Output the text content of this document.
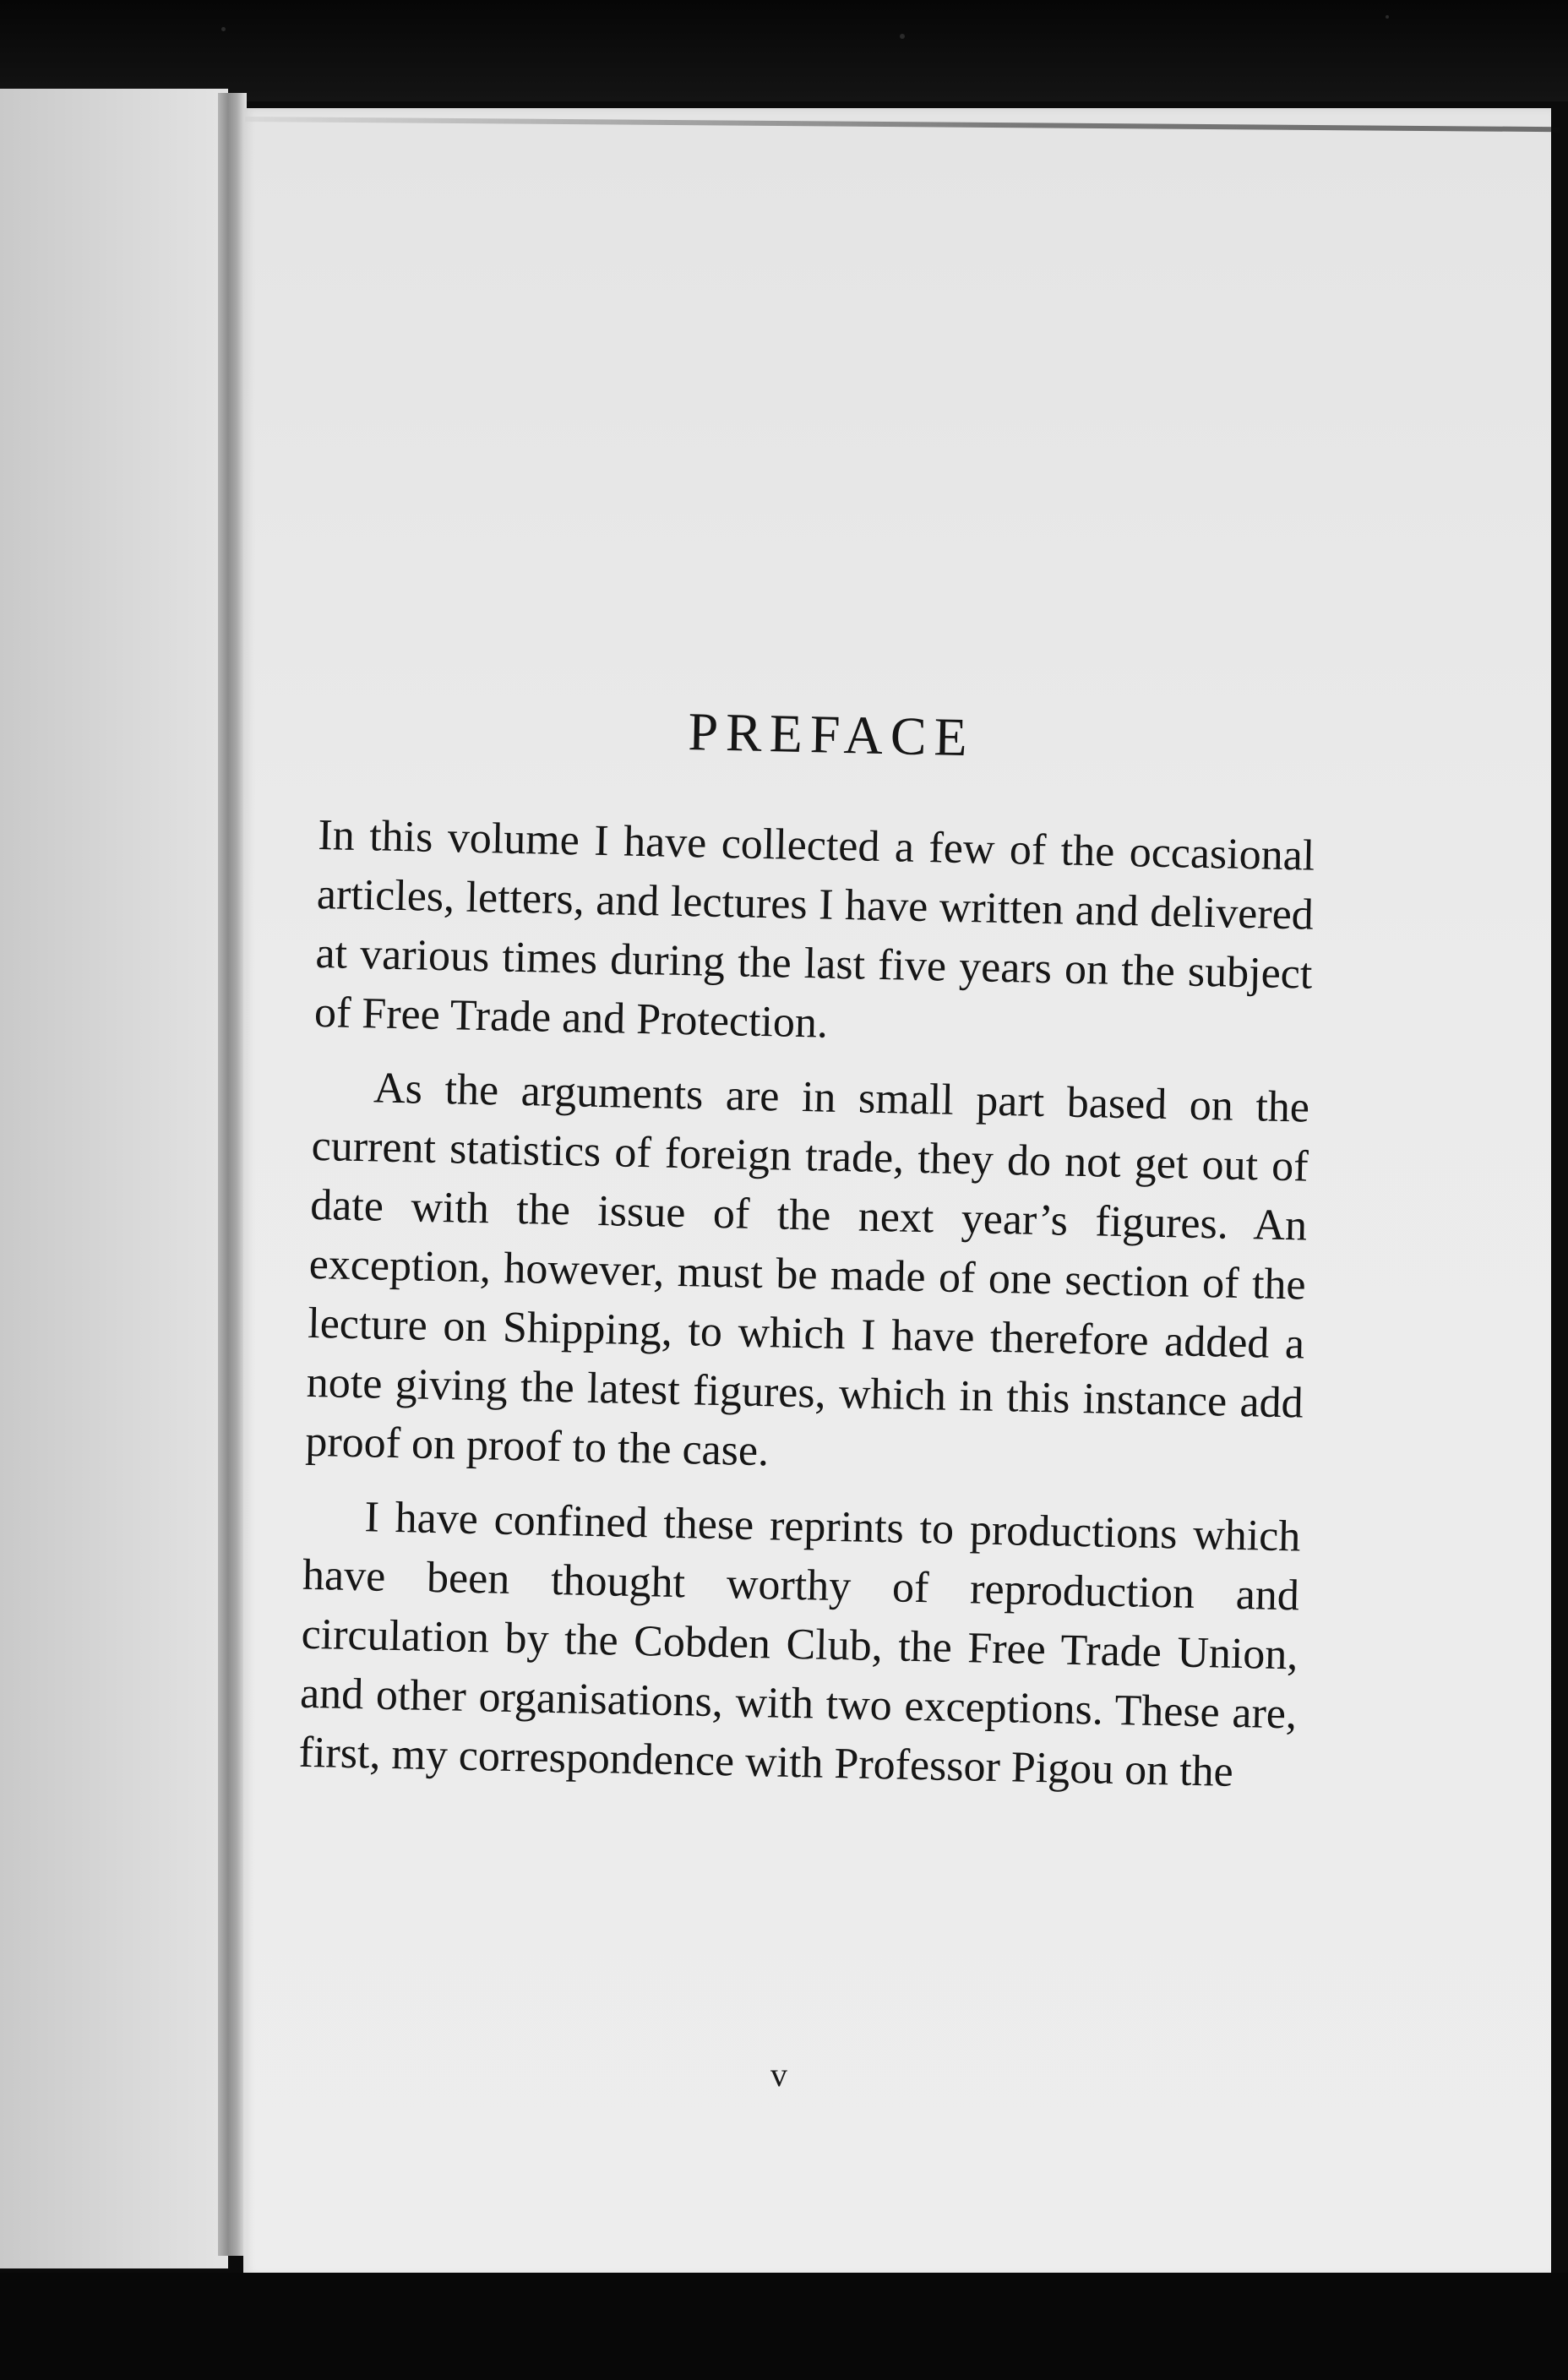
PREFACE

In this volume I have collected a few of the occasional articles, letters, and lectures I have written and delivered at various times during the last five years on the subject of Free Trade and Protection.

As the arguments are in small part based on the current statistics of foreign trade, they do not get out of date with the issue of the next year’s figures. An exception, however, must be made of one section of the lecture on Shipping, to which I have therefore added a note giving the latest figures, which in this instance add proof on proof to the case.

I have confined these reprints to productions which have been thought worthy of reproduction and circulation by the Cobden Club, the Free Trade Union, and other organisations, with two exceptions. These are, first, my correspondence with Professor Pigou on the

v
